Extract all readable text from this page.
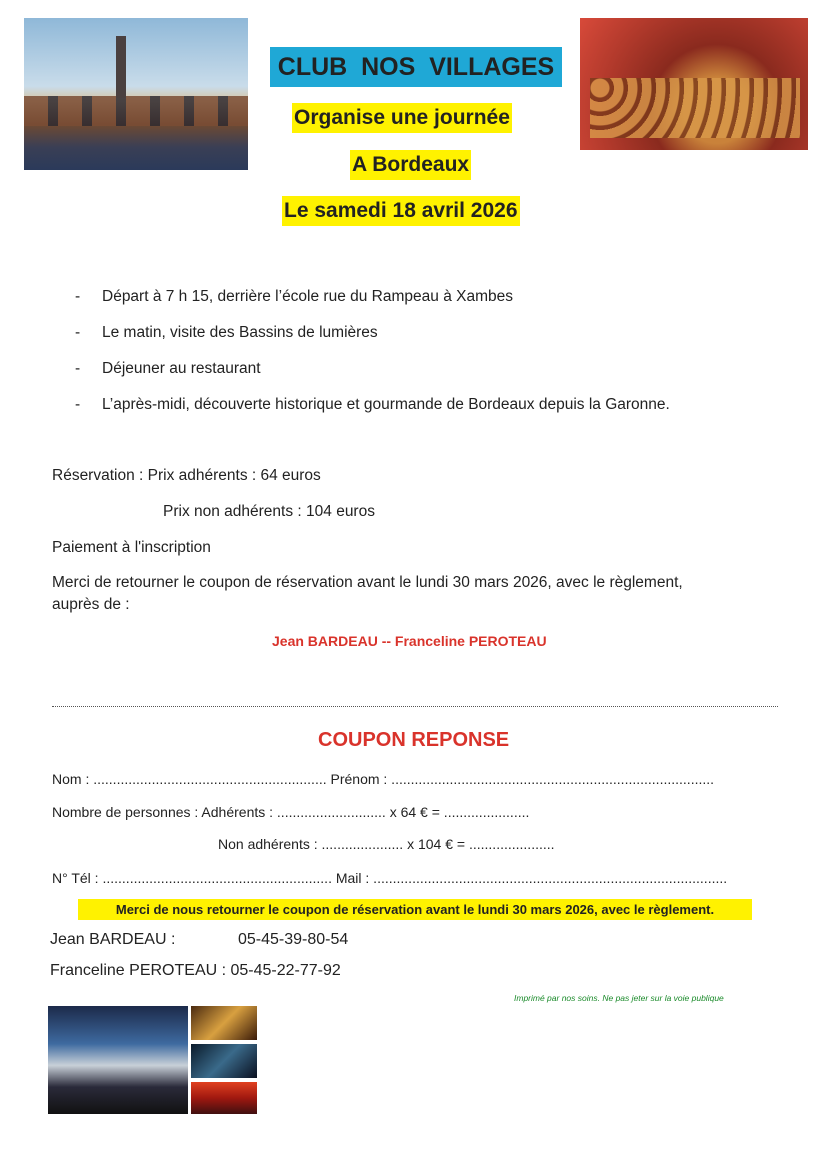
CLUB  NOS  VILLAGES
Organise une journée
A Bordeaux
Le samedi 18 avril 2026
- Départ à 7 h 15, derrière l’école rue du Rampeau à Xambes
- Le matin, visite des Bassins de lumières
- Déjeuner au restaurant
- L’après-midi, découverte historique et gourmande de Bordeaux depuis la Garonne.
Réservation : Prix adhérents : 64 euros
Prix non adhérents : 104 euros
Paiement à l'inscription
Merci de retourner le coupon de réservation avant le lundi 30 mars 2026, avec le règlement,
auprès de :
Jean BARDEAU -- Franceline PEROTEAU
COUPON REPONSE
Nom : ............................................................ Prénom : ...................................................................................
Nombre de personnes : Adhérents : ............................ x 64 € = ......................
Non adhérents : ..................... x 104 € = ......................
N° Tél : ........................................................... Mail : ...........................................................................................
Merci de nous retourner le coupon de réservation avant le lundi 30 mars 2026, avec le règlement.
Jean BARDEAU :	05-45-39-80-54
Franceline PEROTEAU : 05-45-22-77-92
Imprimé par nos soins. Ne pas jeter sur la voie publique
